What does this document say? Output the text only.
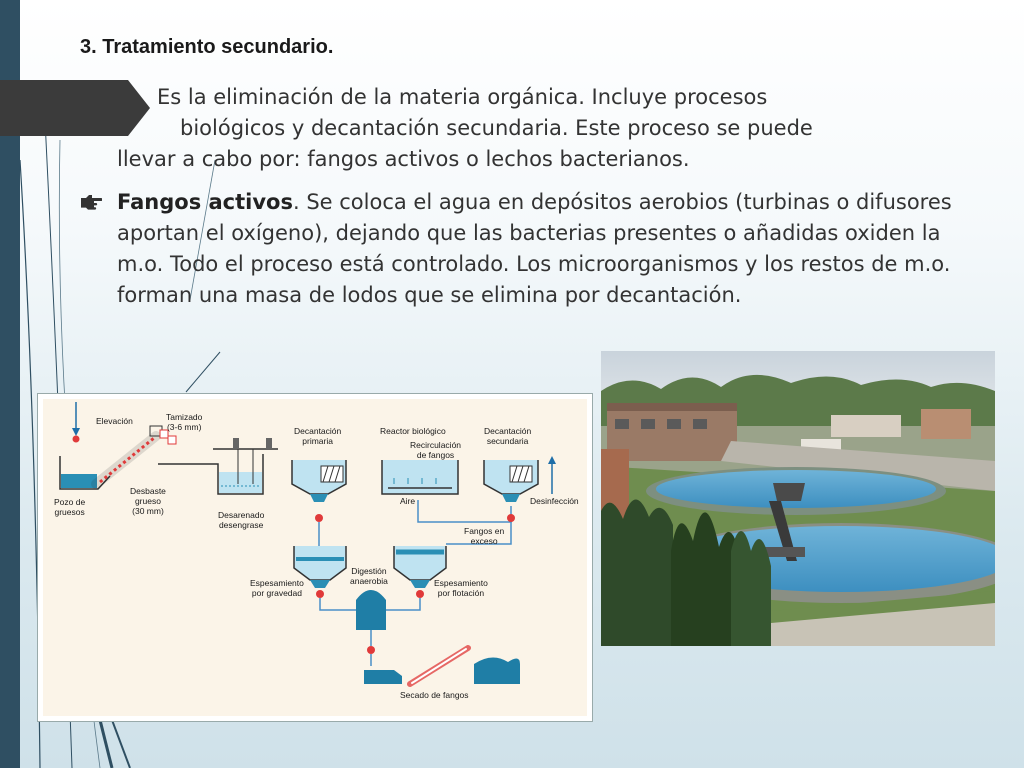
3. Tratamiento secundario.

Es la eliminación de la materia orgánica. Incluye procesos
biológicos y decantación secundaria. Este proceso se puede
llevar a cabo por: fangos activos o lechos bacterianos.

Fangos activos. Se coloca el agua en depósitos aerobios (turbinas o difusores aportan el oxígeno), dejando que las bacterias presentes o añadidas oxiden la m.o. Todo el proceso está controlado. Los microorganismos y los restos de m.o. forman una masa de lodos que se elimina por decantación.

Elevación	Tamizado
(3-6 mm)
Pozo de
gruesos
Desbaste
grueso
(30 mm)	Desarenado
desengrase
Decantación
primaria
Reactor biológico
Recirculación
de fangos
Aire
Decantación
secundaria
Desinfección
Fangos en
exceso
Digestión
anaerobia
Espesamiento
por gravedad
Espesamiento
por flotación
Secado de fangos
